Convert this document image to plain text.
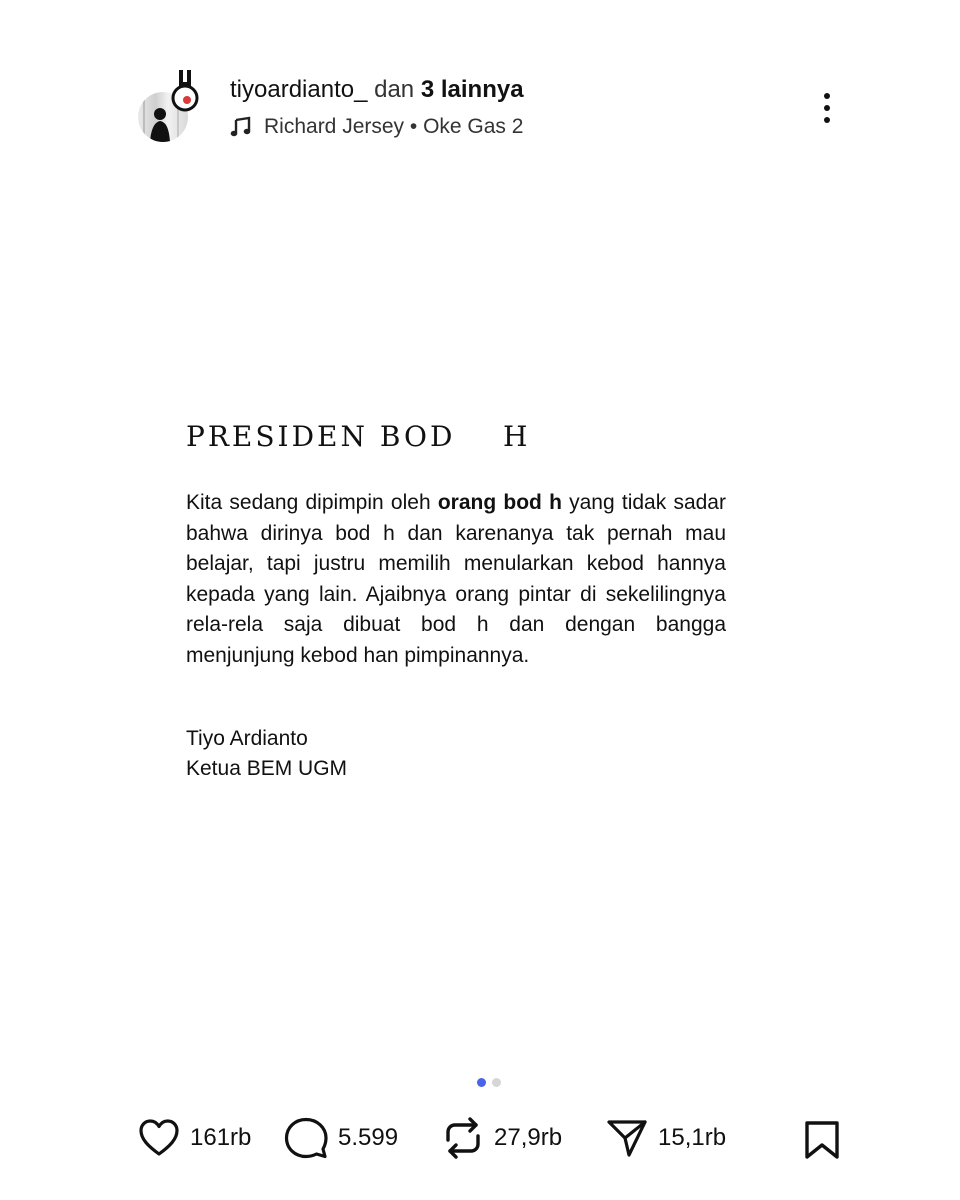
tiyoardianto_ dan 3 lainnya
Richard Jersey • Oke Gas 2
PRESIDEN BOD    H
Kita sedang dipimpin oleh orang bod h yang tidak sadar bahwa dirinya bod h dan karenanya tak pernah mau belajar, tapi justru memilih menularkan kebod hannya kepada yang lain. Ajaibnya orang pintar di sekelilingnya rela-rela saja dibuat bod h dan dengan bangga menjunjung kebod han pimpinannya.
Tiyo Ardianto
Ketua BEM UGM
161rb	5.599	27,9rb	15,1rb
